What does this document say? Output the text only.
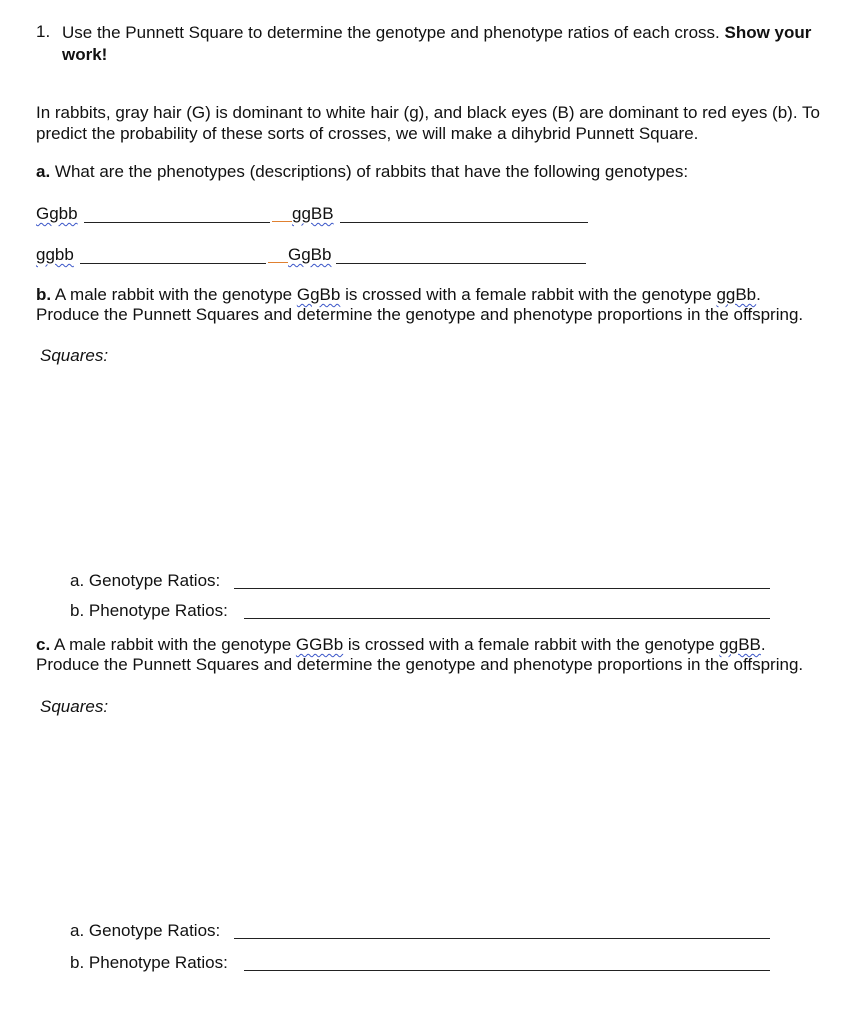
1. Use the Punnett Square to determine the genotype and phenotype ratios of each cross. Show your work!
In rabbits, gray hair (G) is dominant to white hair (g), and black eyes (B) are dominant to red eyes (b). To predict the probability of these sorts of crosses, we will make a dihybrid Punnett Square.
a. What are the phenotypes (descriptions) of rabbits that have the following genotypes:
Ggbb	ggBB
ggbb	GgBb
b. A male rabbit with the genotype GgBb is crossed with a female rabbit with the genotype ggBb. Produce the Punnett Squares and determine the genotype and phenotype proportions in the offspring.
Squares:
a. Genotype Ratios:
b. Phenotype Ratios:
c. A male rabbit with the genotype GGBb is crossed with a female rabbit with the genotype ggBB. Produce the Punnett Squares and determine the genotype and phenotype proportions in the offspring.
Squares:
a. Genotype Ratios:
b. Phenotype Ratios:
